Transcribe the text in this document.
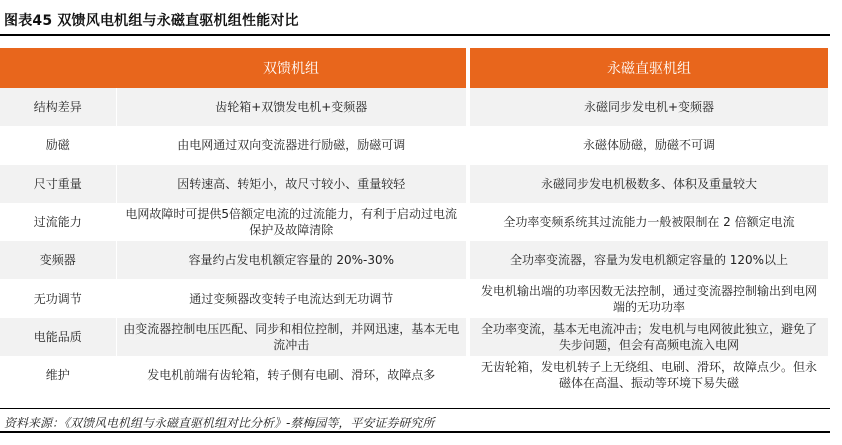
图表45 双馈风电机组与永磁直驱机组性能对比
	双馈机组		永磁直驱机组
结构差异	齿轮箱+双馈发电机+变频器		永磁同步发电机+变频器
励磁	由电网通过双向变流器进行励磁，励磁可调		永磁体励磁，励磁不可调
尺寸重量	因转速高、转矩小，故尺寸较小、重量较轻		永磁同步发电机极数多、体积及重量较大
过流能力	电网故障时可提供5倍额定电流的过流能力，有利于启动过电流保护及故障清除		全功率变频系统其过流能力一般被限制在 2 倍额定电流
变频器	容量约占发电机额定容量的 20%-30%		全功率变流器，容量为发电机额定容量的 120%以上
无功调节	通过变频器改变转子电流达到无功调节		发电机输出端的功率因数无法控制，通过变流器控制输出到电网端的无功功率
电能品质	由变流器控制电压匹配、同步和相位控制，并网迅速，基本无电流冲击		全功率变流，基本无电流冲击；发电机与电网彼此独立，避免了失步问题，但会有高频电流入电网
维护	发电机前端有齿轮箱，转子侧有电刷、滑环，故障点多		无齿轮箱，发电机转子上无绕组、电刷、滑环，故障点少。但永磁体在高温、振动等环境下易失磁
资料来源：《双馈风电机组与永磁直驱机组对比分析》-蔡梅园等，平安证券研究所
